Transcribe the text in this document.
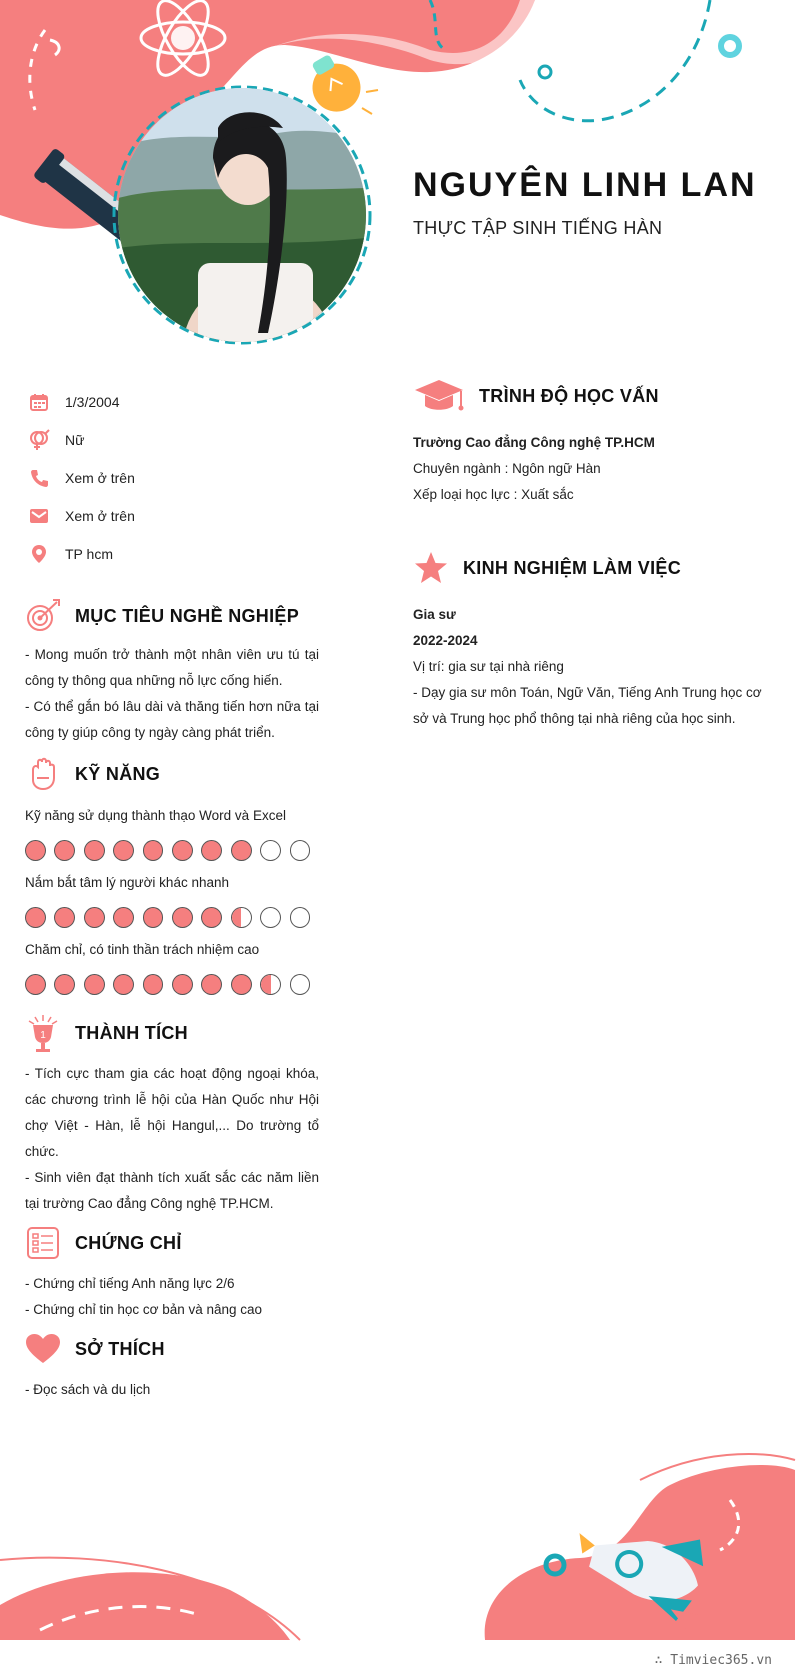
NGUYÊN LINH LAN
THỰC TẬP SINH TIẾNG HÀN
1/3/2004
Nữ
Xem ở trên
Xem ở trên
TP hcm
MỤC TIÊU NGHỀ NGHIỆP
- Mong muốn trở thành một nhân viên ưu tú tại công ty thông qua những nỗ lực cống hiến.
- Có thể gắn bó lâu dài và thăng tiến hơn nữa tại công ty giúp công ty ngày càng phát triển.
KỸ NĂNG
Kỹ năng sử dụng thành thạo Word và Excel
Nắm bắt tâm lý người khác nhanh
Chăm chỉ, có tinh thần trách nhiệm cao
1 THÀNH TÍCH
- Tích cực tham gia các hoạt động ngoại khóa, các chương trình lễ hội của Hàn Quốc như Hội chợ Việt - Hàn, lễ hội Hangul,... Do trường tổ chức.
- Sinh viên đạt thành tích xuất sắc các năm liền tại trường Cao đẳng Công nghệ TP.HCM.
CHỨNG CHỈ
- Chứng chỉ tiếng Anh năng lực 2/6
- Chứng chỉ tin học cơ bản và nâng cao
SỞ THÍCH
- Đọc sách và du lịch
TRÌNH ĐỘ HỌC VẤN
Trường Cao đẳng Công nghệ TP.HCM
Chuyên ngành : Ngôn ngữ Hàn
Xếp loại học lực : Xuất sắc
KINH NGHIỆM LÀM VIỆC
Gia sư
2022-2024
Vị trí: gia sư tại nhà riêng
- Dạy gia sư môn Toán, Ngữ Văn, Tiếng Anh Trung học cơ sở và Trung học phổ thông tại nhà riêng của học sinh.
∴ Timviec365.vn
